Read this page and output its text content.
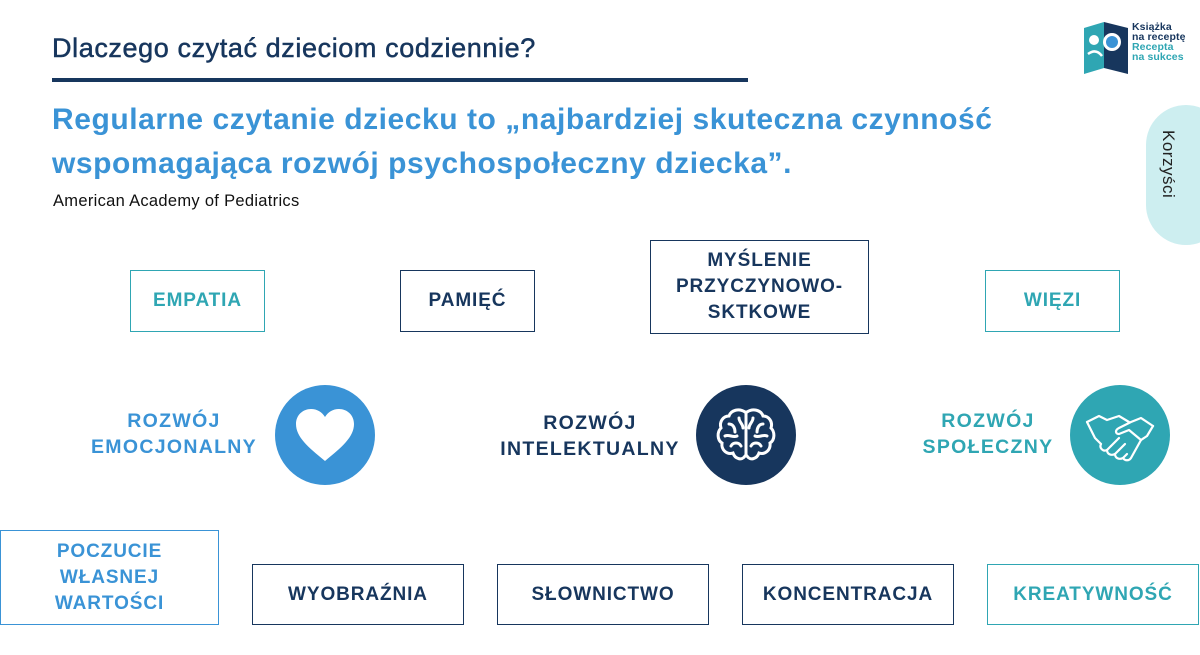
Dlaczego czytać dzieciom codziennie?
Regularne czytanie dziecku to „najbardziej skuteczna czynność
wspomagająca rozwój psychospołeczny dziecka”.
American Academy of Pediatrics
Książka
na receptę
Recepta
na sukces
Korzyści
EMPATIA	PAMIĘĆ
MYŚLENIE
PRZYCZYNOWO-
SKTKOWE
WIĘZI
ROZWÓJ
EMOCJONALNY
ROZWÓJ
INTELEKTUALNY
ROZWÓJ
SPOŁECZNY
POCZUCIE
WŁASNEJ
WARTOŚCI	WYOBRAŹNIA	SŁOWNICTWO	KONCENTRACJA	KREATYWNOŚĆ
